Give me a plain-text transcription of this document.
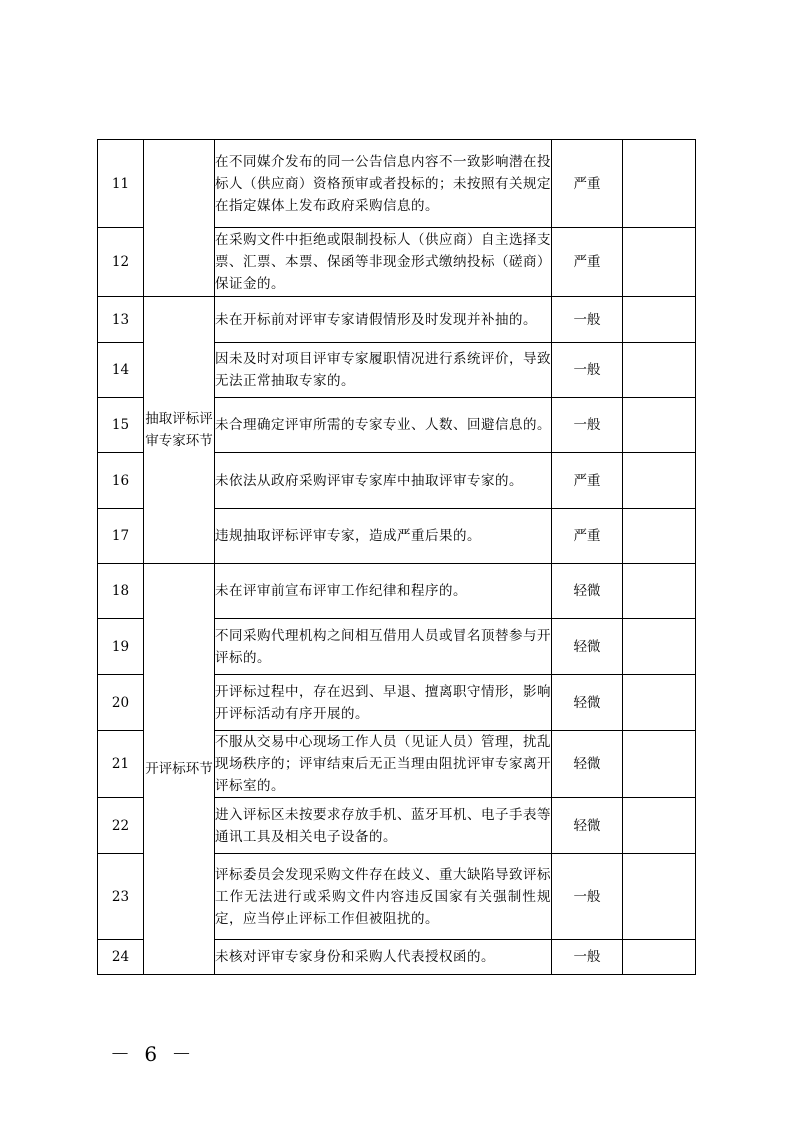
11		在不同媒介发布的同一公告信息内容不一致影响潜在投标人（供应商）资格预审或者投标的；未按照有关规定在指定媒体上发布政府采购信息的。	严重	
12		在采购文件中拒绝或限制投标人（供应商）自主选择支票、汇票、本票、保函等非现金形式缴纳投标（磋商）保证金的。	严重	
13	抽取评标评审专家环节	未在开标前对评审专家请假情形及时发现并补抽的。	一般	
14		因未及时对项目评审专家履职情况进行系统评价，导致无法正常抽取专家的。	一般	
15		未合理确定评审所需的专家专业、人数、回避信息的。	一般	
16		未依法从政府采购评审专家库中抽取评审专家的。	严重	
17		违规抽取评标评审专家，造成严重后果的。	严重	
18	开评标环节	未在评审前宣布评审工作纪律和程序的。	轻微	
19		不同采购代理机构之间相互借用人员或冒名顶替参与开评标的。	轻微	
20		开评标过程中，存在迟到、早退、擅离职守情形，影响开评标活动有序开展的。	轻微	
21		不服从交易中心现场工作人员（见证人员）管理，扰乱现场秩序的；评审结束后无正当理由阻扰评审专家离开评标室的。	轻微	
22		进入评标区未按要求存放手机、蓝牙耳机、电子手表等通讯工具及相关电子设备的。	轻微	
23		评标委员会发现采购文件存在歧义、重大缺陷导致评标工作无法进行或采购文件内容违反国家有关强制性规定，应当停止评标工作但被阻扰的。	一般	
24		未核对评审专家身份和采购人代表授权函的。	一般	
－ 6 －
